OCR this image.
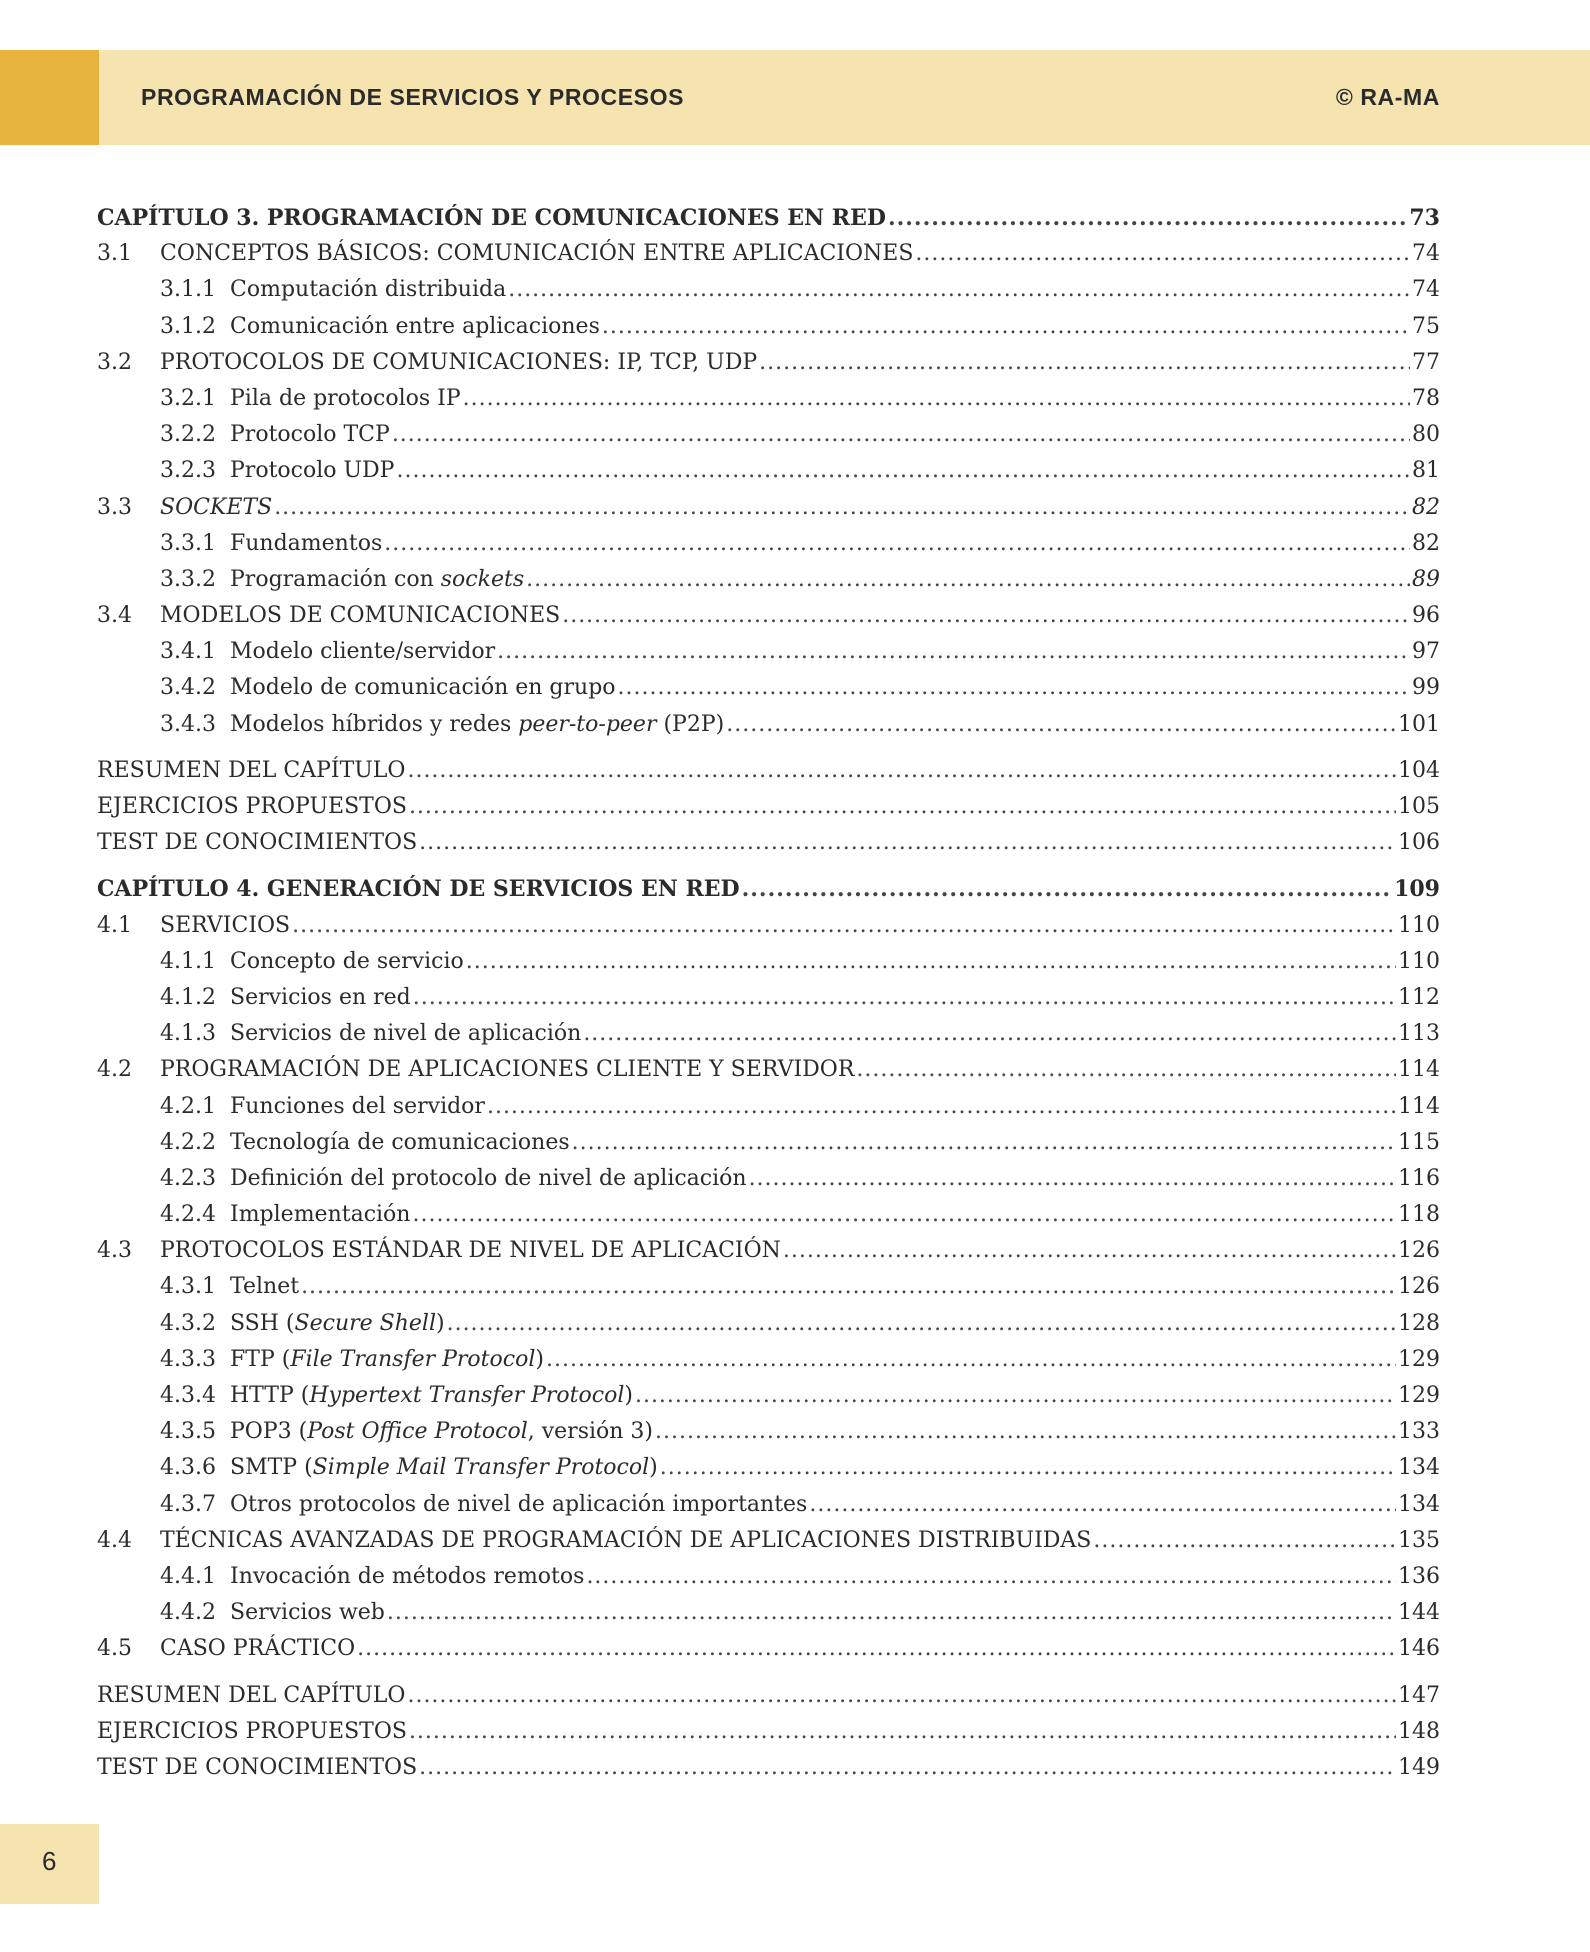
PROGRAMACIÓN DE SERVICIOS Y PROCESOS	© RA-MA
CAPÍTULO 3. PROGRAMACIÓN DE COMUNICACIONES EN RED .....	73
3.1	CONCEPTOS BÁSICOS: COMUNICACIÓN ENTRE APLICACIONES .....	74
3.1.1 Computación distribuida .....	74
3.1.2 Comunicación entre aplicaciones .....	75
3.2	PROTOCOLOS DE COMUNICACIONES: IP, TCP, UDP .....	77
3.2.1 Pila de protocolos IP .....	78
3.2.2 Protocolo TCP .....	80
3.2.3 Protocolo UDP .....	81
3.3	SOCKETS .....	82
3.3.1 Fundamentos .....	82
3.3.2 Programación con sockets .....	89
3.4	MODELOS DE COMUNICACIONES .....	96
3.4.1 Modelo cliente/servidor .....	97
3.4.2 Modelo de comunicación en grupo .....	99
3.4.3 Modelos híbridos y redes peer-to-peer (P2P) .....	101
RESUMEN DEL CAPÍTULO .....	104
EJERCICIOS PROPUESTOS .....	105
TEST DE CONOCIMIENTOS .....	106
CAPÍTULO 4. GENERACIÓN DE SERVICIOS EN RED .....	109
4.1	SERVICIOS .....	110
4.1.1 Concepto de servicio .....	110
4.1.2 Servicios en red .....	112
4.1.3 Servicios de nivel de aplicación .....	113
4.2	PROGRAMACIÓN DE APLICACIONES CLIENTE Y SERVIDOR .....	114
4.2.1 Funciones del servidor .....	114
4.2.2 Tecnología de comunicaciones .....	115
4.2.3 Definición del protocolo de nivel de aplicación .....	116
4.2.4 Implementación .....	118
4.3	PROTOCOLOS ESTÁNDAR DE NIVEL DE APLICACIÓN .....	126
4.3.1 Telnet .....	126
4.3.2 SSH (Secure Shell) .....	128
4.3.3 FTP (File Transfer Protocol) .....	129
4.3.4 HTTP (Hypertext Transfer Protocol) .....	129
4.3.5 POP3 (Post Office Protocol, versión 3) .....	133
4.3.6 SMTP (Simple Mail Transfer Protocol) .....	134
4.3.7 Otros protocolos de nivel de aplicación importantes .....	134
4.4	TÉCNICAS AVANZADAS DE PROGRAMACIÓN DE APLICACIONES DISTRIBUIDAS .....	135
4.4.1 Invocación de métodos remotos .....	136
4.4.2 Servicios web .....	144
4.5	CASO PRÁCTICO .....	146
RESUMEN DEL CAPÍTULO .....	147
EJERCICIOS PROPUESTOS .....	148
TEST DE CONOCIMIENTOS .....	149
6
